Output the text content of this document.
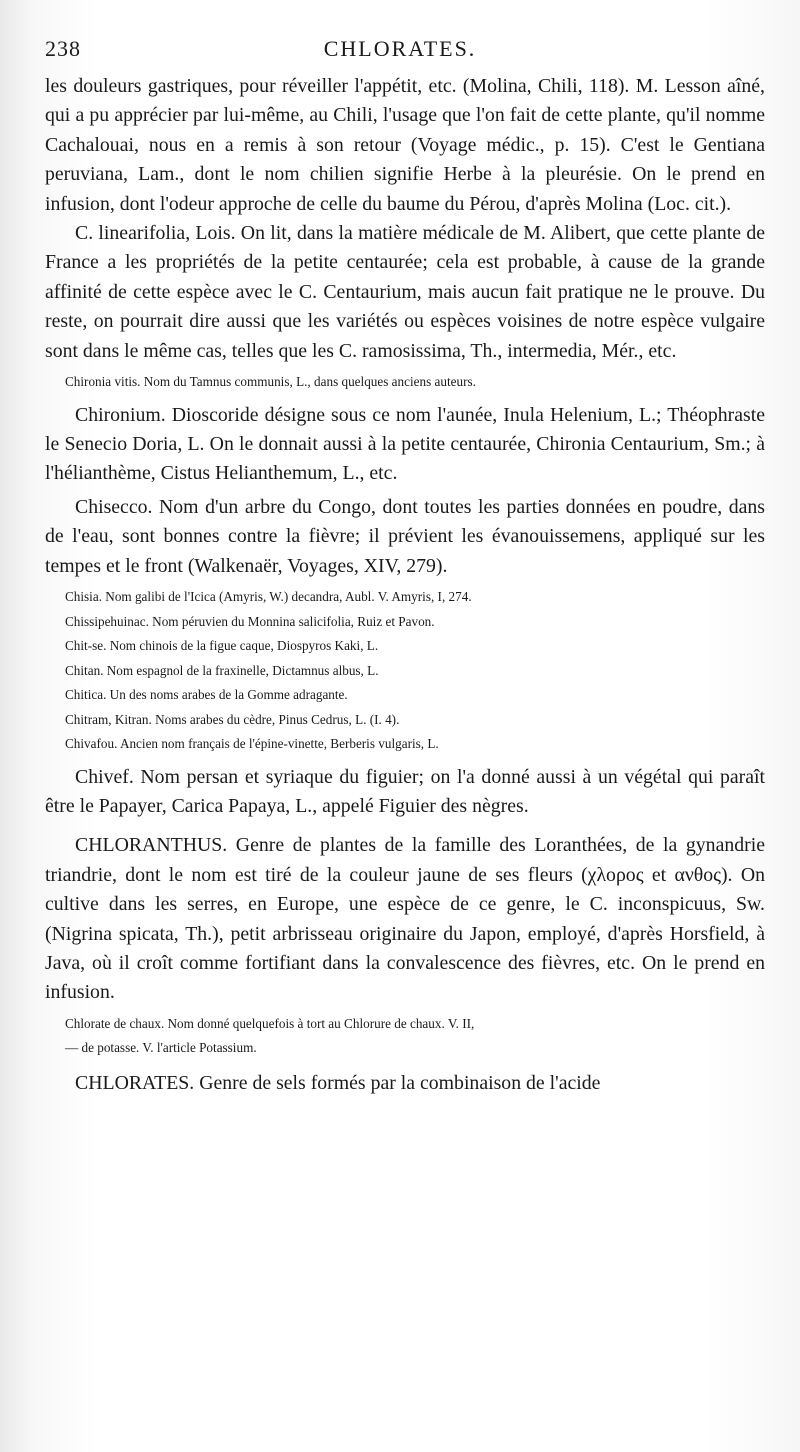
238	CHLORATES.

les douleurs gastriques, pour réveiller l'appétit, etc. (Molina, Chili, 118). M. Lesson aîné, qui a pu apprécier par lui-même, au Chili, l'usage que l'on fait de cette plante, qu'il nomme Cachalouai, nous en a remis à son retour (Voyage médic., p. 15). C'est le Gentiana peruviana, Lam., dont le nom chilien signifie Herbe à la pleurésie. On le prend en infusion, dont l'odeur approche de celle du baume du Pérou, d'après Molina (Loc. cit.).

C. linearifolia, Lois. On lit, dans la matière médicale de M. Alibert, que cette plante de France a les propriétés de la petite centaurée; cela est probable, à cause de la grande affinité de cette espèce avec le C. Centaurium, mais aucun fait pratique ne le prouve. Du reste, on pourrait dire aussi que les variétés ou espèces voisines de notre espèce vulgaire sont dans le même cas, telles que les C. ramosissima, Th., intermedia, Mér., etc.

Chironia vitis. Nom du Tamnus communis, L., dans quelques anciens auteurs.

Chironium. Dioscoride désigne sous ce nom l'aunée, Inula Helenium, L.; Théophraste le Senecio Doria, L. On le donnait aussi à la petite centaurée, Chironia Centaurium, Sm.; à l'hélianthème, Cistus Helianthemum, L., etc.

Chisecco. Nom d'un arbre du Congo, dont toutes les parties données en poudre, dans de l'eau, sont bonnes contre la fièvre; il prévient les évanouissemens, appliqué sur les tempes et le front (Walkenaër, Voyages, XIV, 279).

Chisia. Nom galibi de l'Icica (Amyris, W.) decandra, Aubl. V. Amyris, I, 274.

Chissipehuinac. Nom péruvien du Monnina salicifolia, Ruiz et Pavon.

Chit-se. Nom chinois de la figue caque, Diospyros Kaki, L.

Chitan. Nom espagnol de la fraxinelle, Dictamnus albus, L.

Chitica. Un des noms arabes de la Gomme adragante.

Chitram, Kitran. Noms arabes du cèdre, Pinus Cedrus, L. (I. 4).

Chivafou. Ancien nom français de l'épine-vinette, Berberis vulgaris, L.

Chivef. Nom persan et syriaque du figuier; on l'a donné aussi à un végétal qui paraît être le Papayer, Carica Papaya, L., appelé Figuier des nègres.

CHLORANTHUS. Genre de plantes de la famille des Loranthées, de la gynandrie triandrie, dont le nom est tiré de la couleur jaune de ses fleurs (χλορος et ανθος). On cultive dans les serres, en Europe, une espèce de ce genre, le C. inconspicuus, Sw. (Nigrina spicata, Th.), petit arbrisseau originaire du Japon, employé, d'après Horsfield, à Java, où il croît comme fortifiant dans la convalescence des fièvres, etc. On le prend en infusion.

Chlorate de chaux. Nom donné quelquefois à tort au Chlorure de chaux. V. II,

— de potasse. V. l'article Potassium.

CHLORATES. Genre de sels formés par la combinaison de l'acide
